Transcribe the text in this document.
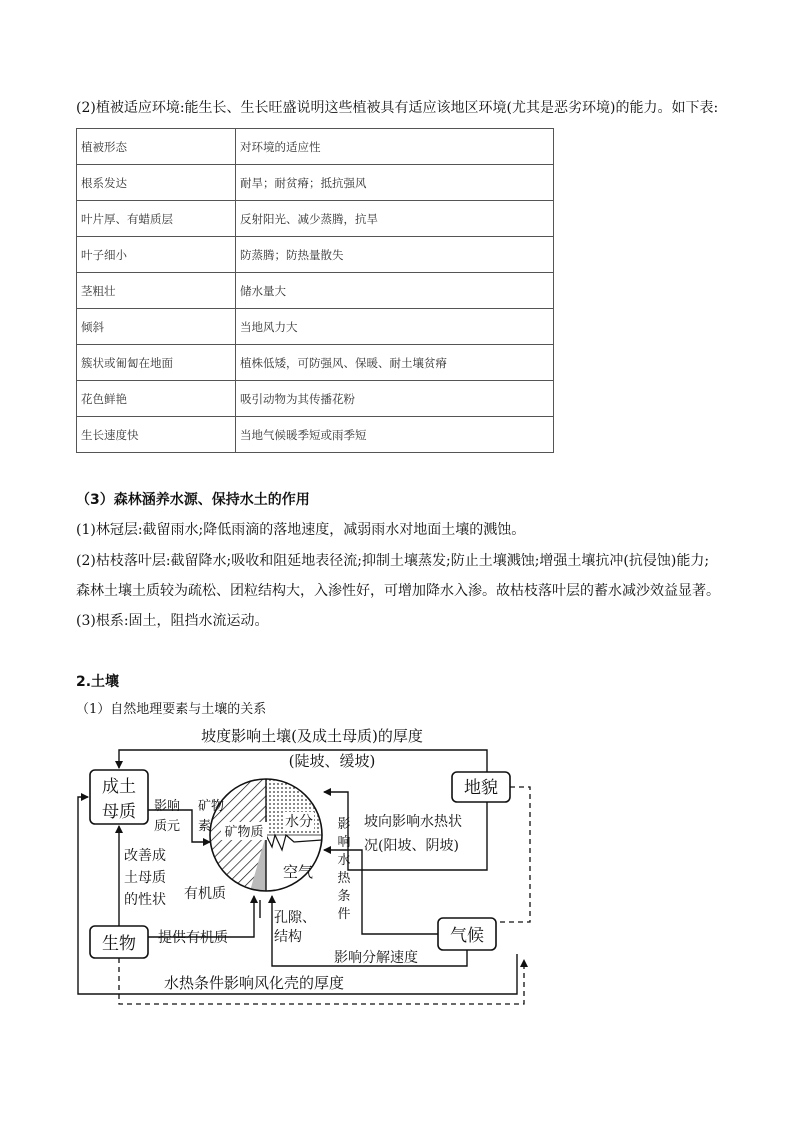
(2)植被适应环境:能生长、生长旺盛说明这些植被具有适应该地区环境(尤其是恶劣环境)的能力。如下表:
植被形态	对环境的适应性
根系发达	耐旱；耐贫瘠；抵抗强风
叶片厚、有蜡质层	反射阳光、减少蒸腾，抗旱
叶子细小	防蒸腾；防热量散失
茎粗壮	储水量大
倾斜	当地风力大
簇状或匍匐在地面	植株低矮，可防强风、保暖、耐土壤贫瘠
花色鲜艳	吸引动物为其传播花粉
生长速度快	当地气候暖季短或雨季短
（3）森林涵养水源、保持水土的作用
(1)林冠层:截留雨水;降低雨滴的落地速度，减弱雨水对地面土壤的溅蚀。
(2)枯枝落叶层:截留降水;吸收和阻延地表径流;抑制土壤蒸发;防止土壤溅蚀;增强土壤抗冲(抗侵蚀)能力;
森林土壤土质较为疏松、团粒结构大，入渗性好，可增加降水入渗。故枯枝落叶层的蓄水减沙效益显著。
(3)根系:固土，阻挡水流运动。
2.土壤
（1）自然地理要素与土壤的关系
矿物质
水分
空气
成土
母质
地貌
生物	气候
坡度影响土壤(及成土母质)的厚度
(陡坡、缓坡)
影响
质元
矿物
素	坡向影响水热状
况(阳坡、阴坡)
影
响
水
热
条
件
改善成
土母质
的性状 有机质
孔隙、
结构
提供有机质
影响分解速度
水热条件影响风化壳的厚度
